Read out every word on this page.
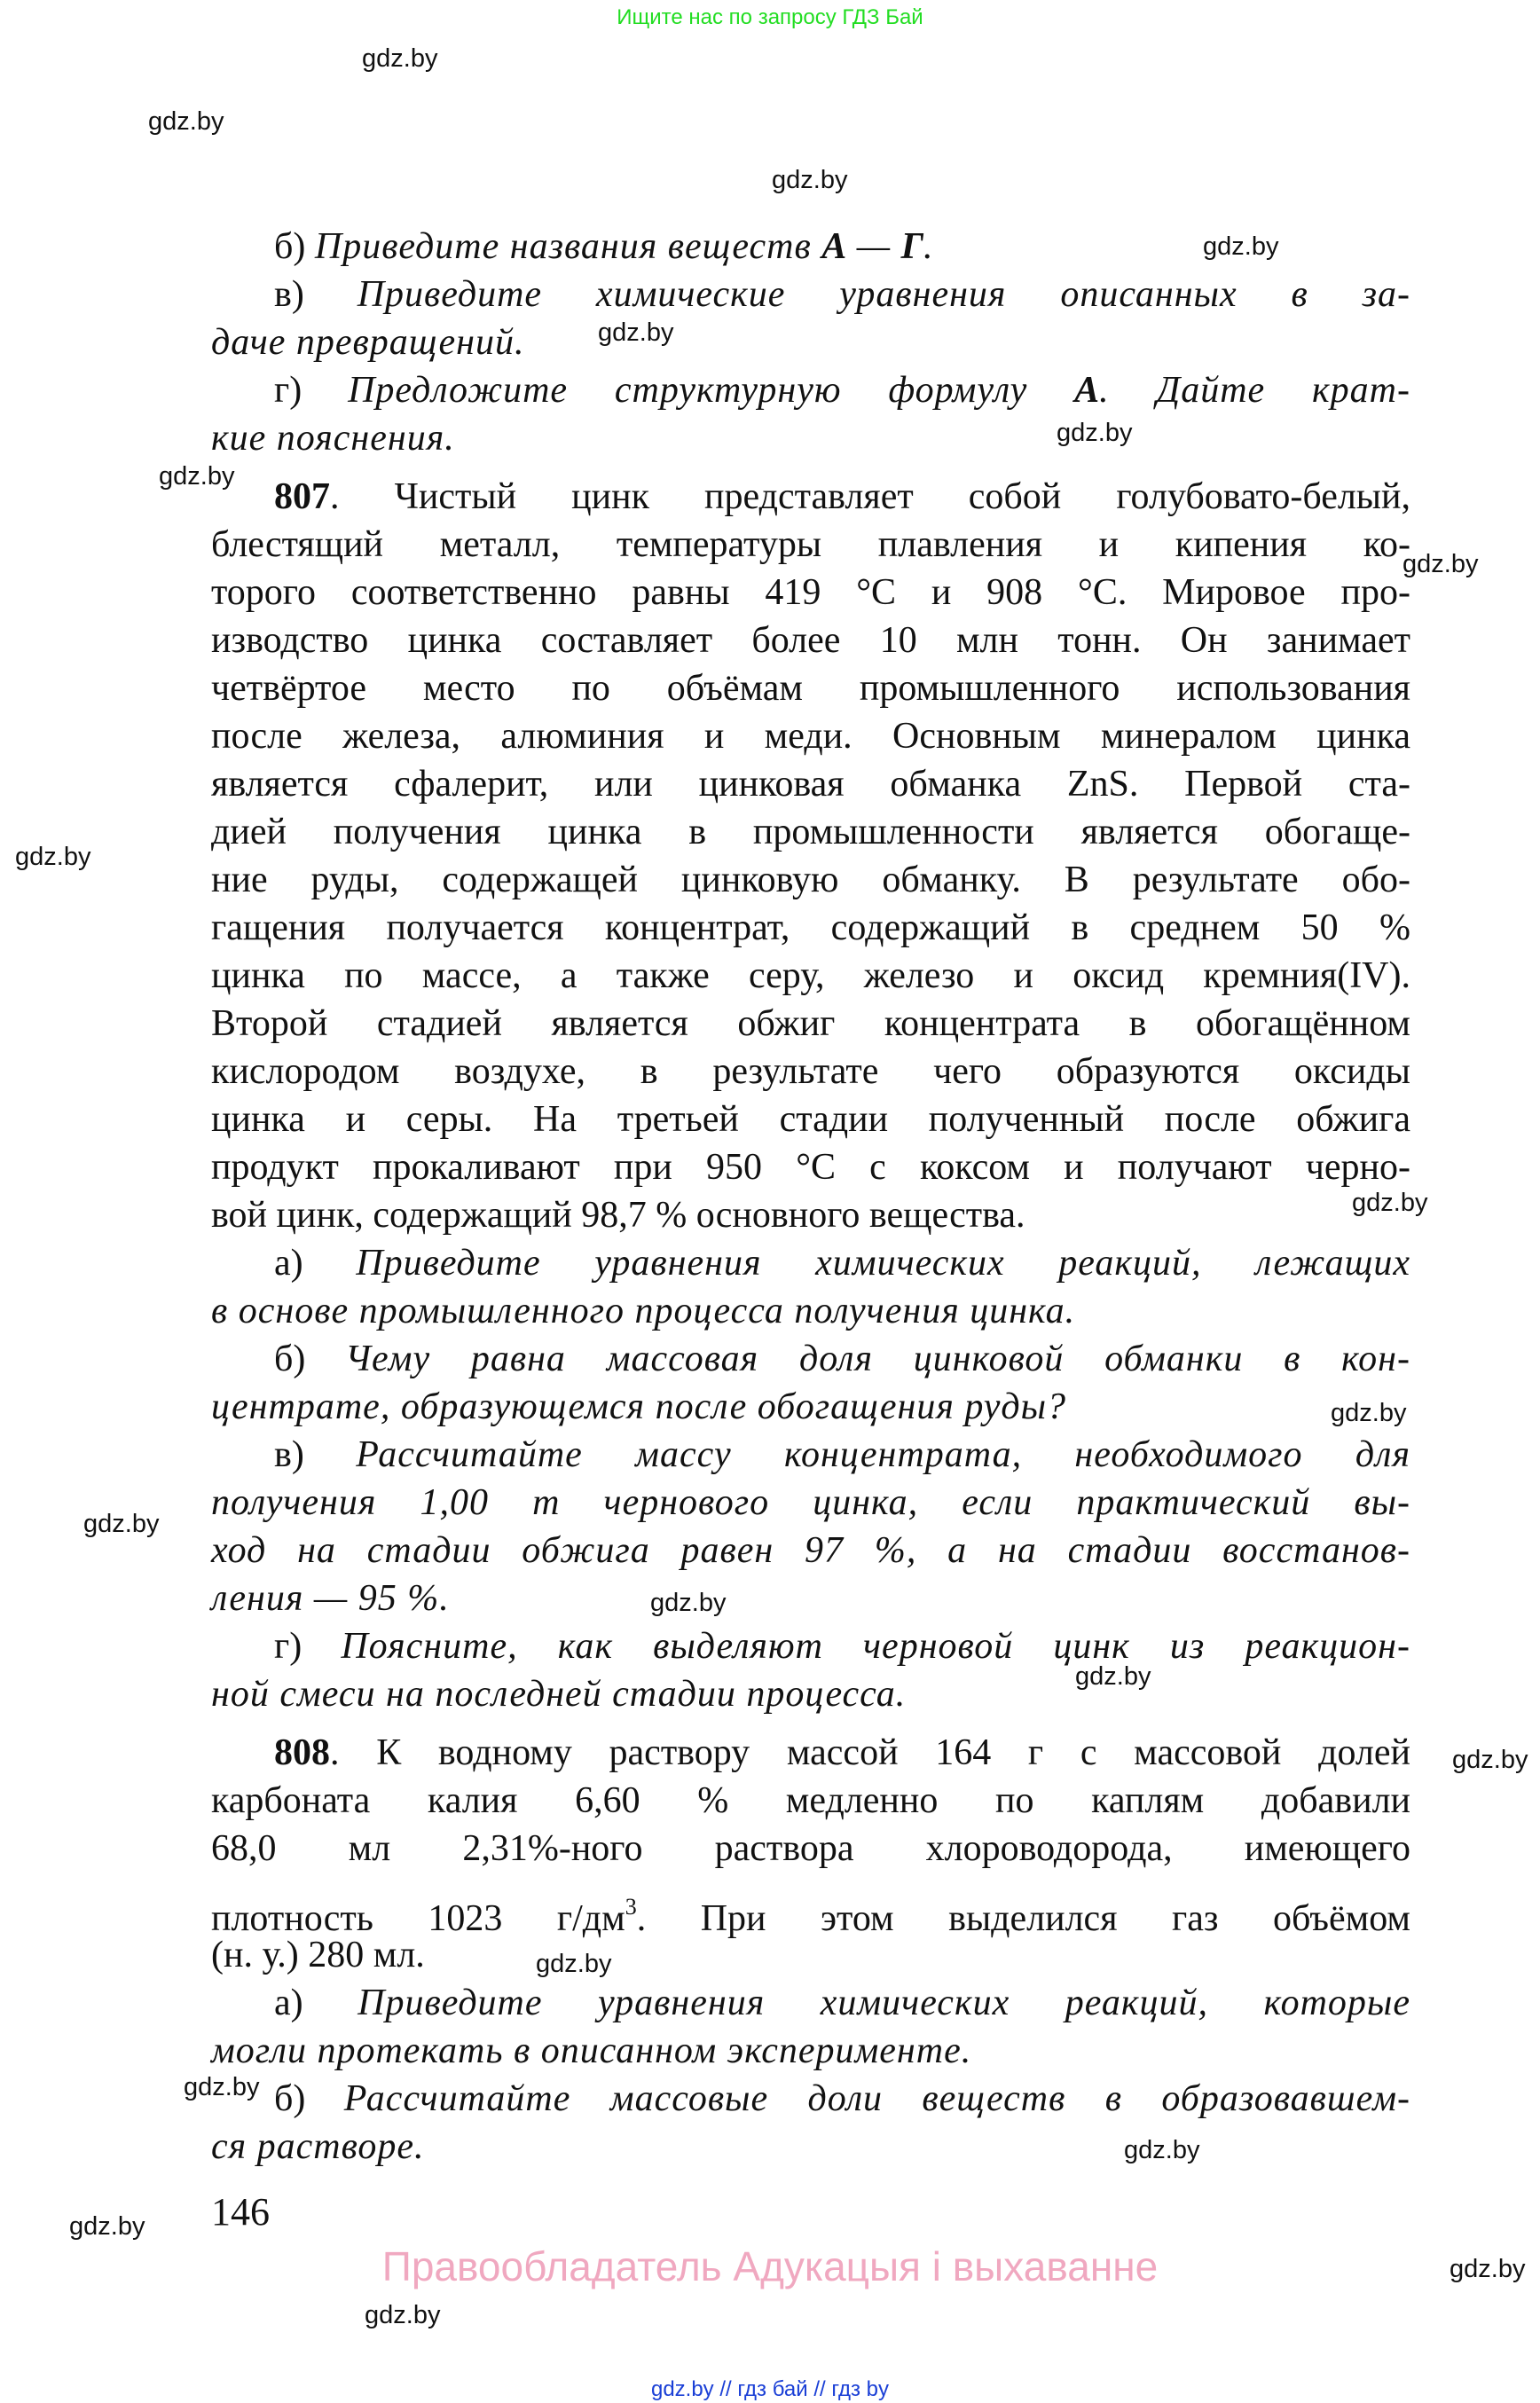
Ищите нас по запросу ГДЗ Бай
б) Приведите названия веществ А — Г.
в) Приведите химические уравнения описанных в за-
даче превращений.
г) Предложите структурную формулу А. Дайте крат-
кие пояснения.
807. Чистый цинк представляет собой голубовато-белый,
блестящий металл, температуры плавления и кипения ко-
торого соответственно равны 419 °С и 908 °С. Мировое про-
изводство цинка составляет более 10 млн тонн. Он занимает
четвёртое место по объёмам промышленного использования
после железа, алюминия и меди. Основным минералом цинка
является сфалерит, или цинковая обманка ZnS. Первой ста-
дией получения цинка в промышленности является обогаще-
ние руды, содержащей цинковую обманку. В результате обо-
гащения получается концентрат, содержащий в среднем 50 %
цинка по массе, а также серу, железо и оксид кремния(IV).
Второй стадией является обжиг концентрата в обогащённом
кислородом воздухе, в результате чего образуются оксиды
цинка и серы. На третьей стадии полученный после обжига
продукт прокаливают при 950 °С с коксом и получают черно-
вой цинк, содержащий 98,7 % основного вещества.
а) Приведите уравнения химических реакций, лежащих
в основе промышленного процесса получения цинка.
б) Чему равна массовая доля цинковой обманки в кон-
центрате, образующемся после обогащения руды?
в) Рассчитайте массу концентрата, необходимого для
получения 1,00 т чернового цинка, если практический вы-
ход на стадии обжига равен 97 %, а на стадии восстанов-
ления — 95 %.
г) Поясните, как выделяют черновой цинк из реакцион-
ной смеси на последней стадии процесса.
808. К водному раствору массой 164 г с массовой долей
карбоната калия 6,60 % медленно по каплям добавили
68,0 мл 2,31%-ного раствора хлороводорода, имеющего
плотность 1023 $г/дм^3$. При этом выделился газ объёмом
(н. у.) 280 мл.
а) Приведите уравнения химических реакций, которые
могли протекать в описанном эксперименте.
б) Рассчитайте массовые доли веществ в образовавшем-
ся растворе.
146
Правообладатель Адукацыя і выхаванне
gdz.by // гдз бай // гдз by
gdz.by
gdz.by
gdz.by
gdz.by
gdz.by
gdz.by
gdz.by
gdz.by
gdz.by
gdz.by
gdz.by
gdz.by
gdz.by
gdz.by
gdz.by
gdz.by
gdz.by
gdz.by
gdz.by
gdz.by
gdz.by
